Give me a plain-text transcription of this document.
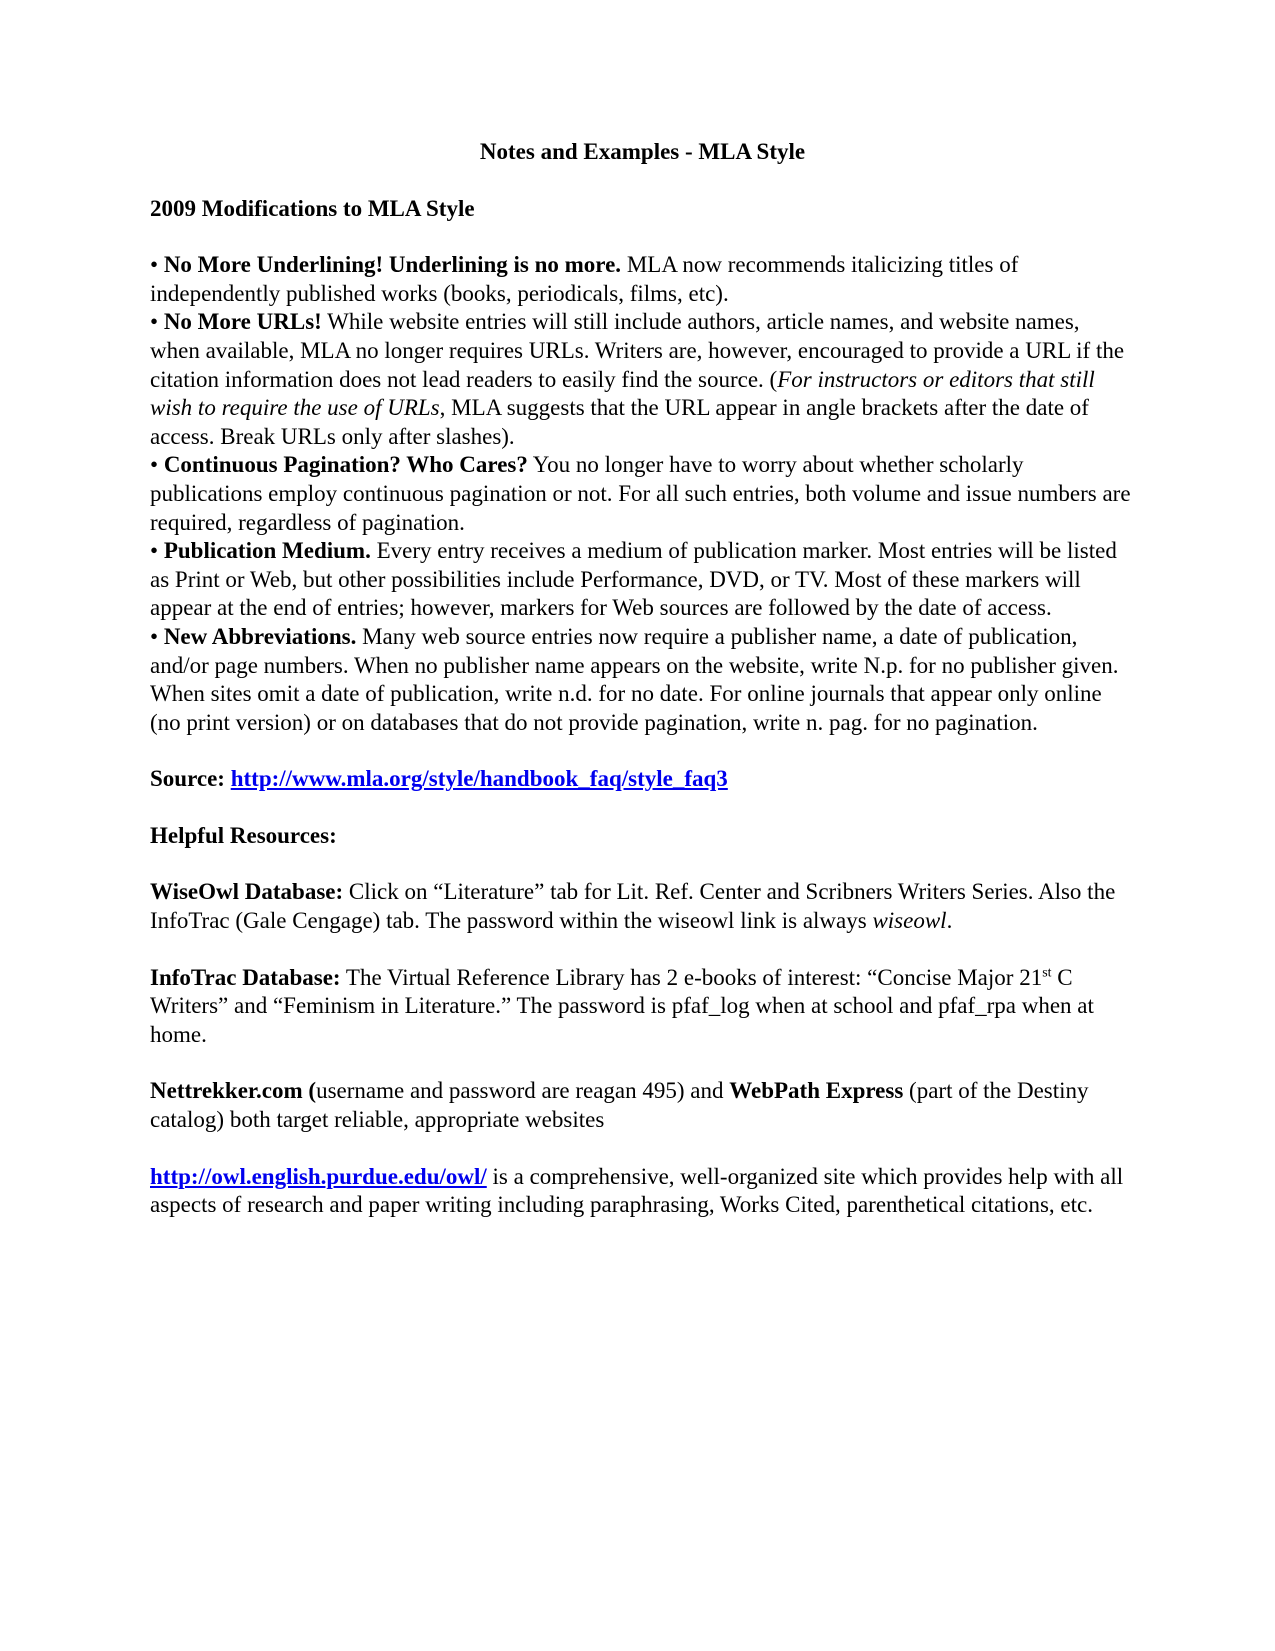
Notes and Examples - MLA Style

2009 Modifications to MLA Style

• No More Underlining! Underlining is no more. MLA now recommends italicizing titles of independently published works (books, periodicals, films, etc).

• No More URLs! While website entries will still include authors, article names, and website names, when available, MLA no longer requires URLs. Writers are, however, encouraged to provide a URL if the citation information does not lead readers to easily find the source. (For instructors or editors that still wish to require the use of URLs, MLA suggests that the URL appear in angle brackets after the date of access. Break URLs only after slashes).

• Continuous Pagination? Who Cares? You no longer have to worry about whether scholarly publications employ continuous pagination or not. For all such entries, both volume and issue numbers are required, regardless of pagination.

• Publication Medium. Every entry receives a medium of publication marker. Most entries will be listed as Print or Web, but other possibilities include Performance, DVD, or TV. Most of these markers will appear at the end of entries; however, markers for Web sources are followed by the date of access.

• New Abbreviations. Many web source entries now require a publisher name, a date of publication, and/or page numbers. When no publisher name appears on the website, write N.p. for no publisher given. When sites omit a date of publication, write n.d. for no date. For online journals that appear only online (no print version) or on databases that do not provide pagination, write n. pag. for no pagination.

Source: http://www.mla.org/style/handbook_faq/style_faq3

Helpful Resources:

WiseOwl Database: Click on “Literature” tab for Lit. Ref. Center and Scribners Writers Series. Also the InfoTrac (Gale Cengage) tab. The password within the wiseowl link is always wiseowl.

InfoTrac Database: The Virtual Reference Library has 2 e-books of interest: “Concise Major 21st C Writers” and “Feminism in Literature.” The password is pfaf_log when at school and pfaf_rpa when at home.

Nettrekker.com (username and password are reagan 495) and WebPath Express (part of the Destiny catalog) both target reliable, appropriate websites

http://owl.english.purdue.edu/owl/ is a comprehensive, well-organized site which provides help with all aspects of research and paper writing including paraphrasing, Works Cited, parenthetical citations, etc.
